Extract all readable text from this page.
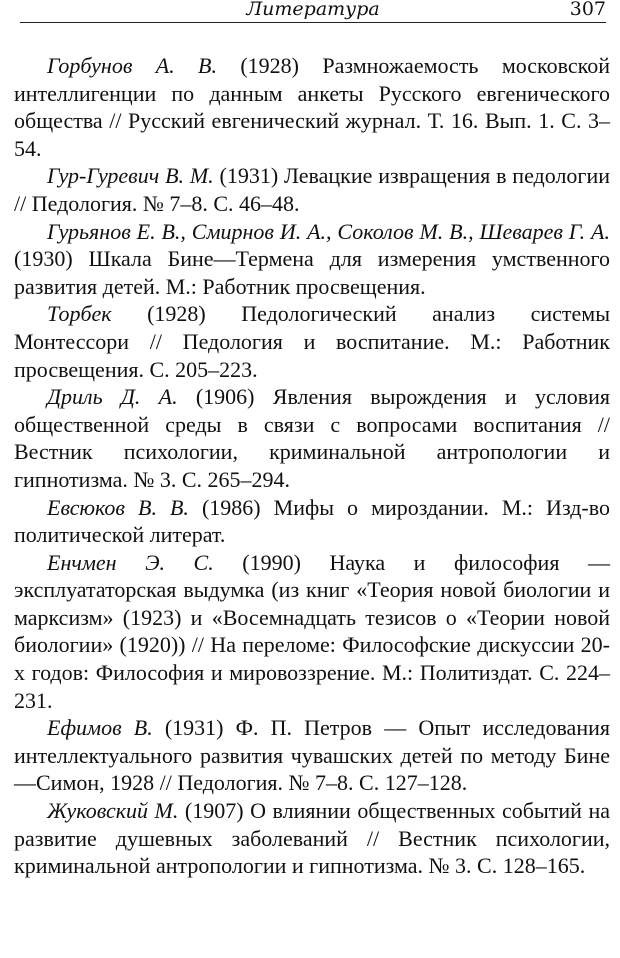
Литература	307

Горбунов А. В. (1928) Размножаемость московской интеллигенции по данным анкеты Русского евгенического общества // Русский евгенический журнал. Т. 16. Вып. 1. С. 3–54.

Гур-Гуревич В. М. (1931) Левацкие извращения в педологии // Педология. № 7–8. С. 46–48.

Гурьянов Е. В., Смирнов И. А., Соколов М. В., Шеварев Г. А. (1930) Шкала Бине—Термена для измерения умственного развития детей. М.: Работник просвещения.

Торбек (1928) Педологический анализ системы Монтессори // Педология и воспитание. М.: Работник просвещения. С. 205–223.

Дриль Д. А. (1906) Явления вырождения и условия общественной среды в связи с вопросами воспитания // Вестник психологии, криминальной антропологии и гипнотизма. № 3. С. 265–294.

Евсюков В. В. (1986) Мифы о мироздании. М.: Изд-во политической литерат.

Енчмен Э. С. (1990) Наука и философия — эксплуататорская выдумка (из книг «Теория новой биологии и марксизм» (1923) и «Восемнадцать тезисов о «Теории новой биологии» (1920)) // На переломе: Философские дискуссии 20-х годов: Философия и мировоззрение. М.: Политиздат. С. 224–231.

Ефимов В. (1931) Ф. П. Петров — Опыт исследования интеллектуального развития чувашских детей по методу Бине—Симон, 1928 // Педология. № 7–8. С. 127–128.

Жуковский М. (1907) О влиянии общественных событий на развитие душевных заболеваний // Вестник психологии, криминальной антропологии и гипнотизма. № 3. С. 128–165.
